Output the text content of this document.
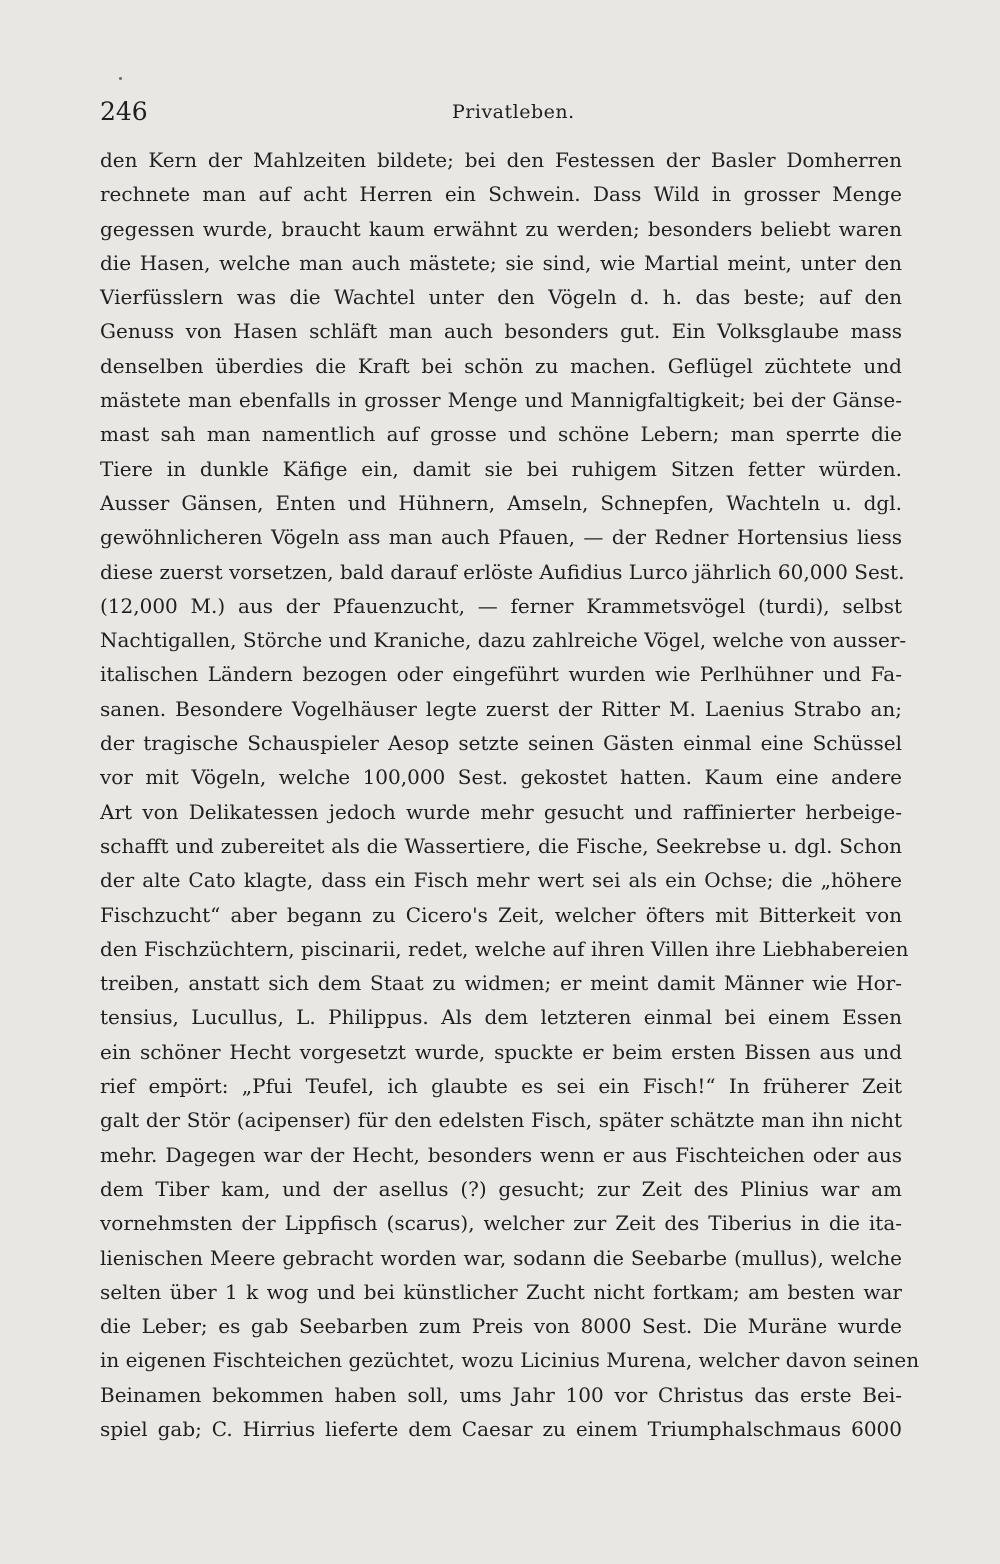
246	Privatleben.
den Kern der Mahlzeiten bildete; bei den Festessen der Basler Domherren
rechnete man auf acht Herren ein Schwein. Dass Wild in grosser Menge
gegessen wurde, braucht kaum erwähnt zu werden; besonders beliebt waren
die Hasen, welche man auch mästete; sie sind, wie Martial meint, unter den
Vierfüsslern was die Wachtel unter den Vögeln d. h. das beste; auf den
Genuss von Hasen schläft man auch besonders gut. Ein Volksglaube mass
denselben überdies die Kraft bei schön zu machen. Geflügel züchtete und
mästete man ebenfalls in grosser Menge und Mannigfaltigkeit; bei der Gänse-
mast sah man namentlich auf grosse und schöne Lebern; man sperrte die
Tiere in dunkle Käfige ein, damit sie bei ruhigem Sitzen fetter würden.
Ausser Gänsen, Enten und Hühnern, Amseln, Schnepfen, Wachteln u. dgl.
gewöhnlicheren Vögeln ass man auch Pfauen, — der Redner Hortensius liess
diese zuerst vorsetzen, bald darauf erlöste Aufidius Lurco jährlich 60,000 Sest.
(12,000 M.) aus der Pfauenzucht, — ferner Krammetsvögel (turdi), selbst
Nachtigallen, Störche und Kraniche, dazu zahlreiche Vögel, welche von ausser-
italischen Ländern bezogen oder eingeführt wurden wie Perlhühner und Fa-
sanen. Besondere Vogelhäuser legte zuerst der Ritter M. Laenius Strabo an;
der tragische Schauspieler Aesop setzte seinen Gästen einmal eine Schüssel
vor mit Vögeln, welche 100,000 Sest. gekostet hatten. Kaum eine andere
Art von Delikatessen jedoch wurde mehr gesucht und raffinierter herbeige-
schafft und zubereitet als die Wassertiere, die Fische, Seekrebse u. dgl. Schon
der alte Cato klagte, dass ein Fisch mehr wert sei als ein Ochse; die „höhere
Fischzucht“ aber begann zu Cicero's Zeit, welcher öfters mit Bitterkeit von
den Fischzüchtern, piscinarii, redet, welche auf ihren Villen ihre Liebhabereien
treiben, anstatt sich dem Staat zu widmen; er meint damit Männer wie Hor-
tensius, Lucullus, L. Philippus. Als dem letzteren einmal bei einem Essen
ein schöner Hecht vorgesetzt wurde, spuckte er beim ersten Bissen aus und
rief empört: „Pfui Teufel, ich glaubte es sei ein Fisch!“ In früherer Zeit
galt der Stör (acipenser) für den edelsten Fisch, später schätzte man ihn nicht
mehr. Dagegen war der Hecht, besonders wenn er aus Fischteichen oder aus
dem Tiber kam, und der asellus (?) gesucht; zur Zeit des Plinius war am
vornehmsten der Lippfisch (scarus), welcher zur Zeit des Tiberius in die ita-
lienischen Meere gebracht worden war, sodann die Seebarbe (mullus), welche
selten über 1 k wog und bei künstlicher Zucht nicht fortkam; am besten war
die Leber; es gab Seebarben zum Preis von 8000 Sest. Die Muräne wurde
in eigenen Fischteichen gezüchtet, wozu Licinius Murena, welcher davon seinen
Beinamen bekommen haben soll, ums Jahr 100 vor Christus das erste Bei-
spiel gab; C. Hirrius lieferte dem Caesar zu einem Triumphalschmaus 6000
